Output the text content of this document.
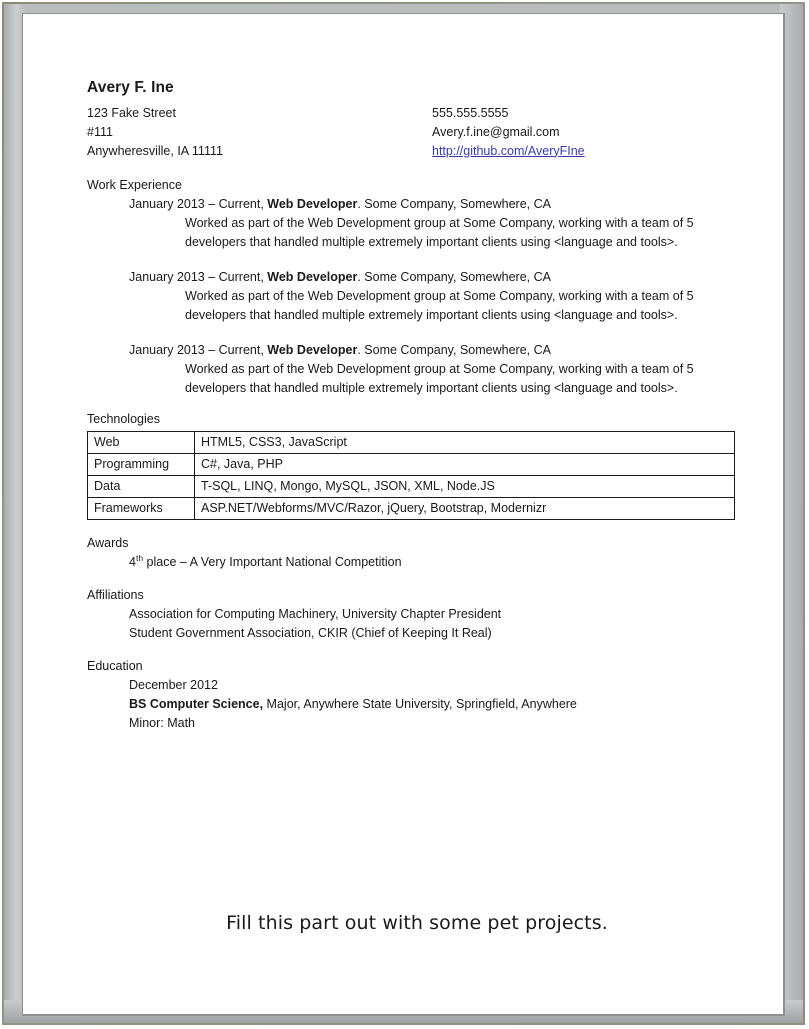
Avery F. Ine
123 Fake Street
#111
Anywheresville, IA 11111
555.555.5555
Avery.f.ine@gmail.com
http://github.com/AveryFIne
Work Experience
January 2013 – Current, Web Developer. Some Company, Somewhere, CA
Worked as part of the Web Development group at Some Company, working with a team of 5 developers that handled multiple extremely important clients using <language and tools>.
January 2013 – Current, Web Developer. Some Company, Somewhere, CA
Worked as part of the Web Development group at Some Company, working with a team of 5 developers that handled multiple extremely important clients using <language and tools>.
January 2013 – Current, Web Developer. Some Company, Somewhere, CA
Worked as part of the Web Development group at Some Company, working with a team of 5 developers that handled multiple extremely important clients using <language and tools>.
Technologies
Web	HTML5, CSS3, JavaScript
Programming	C#, Java, PHP
Data	T-SQL, LINQ, Mongo, MySQL, JSON, XML, Node.JS
Frameworks	ASP.NET/Webforms/MVC/Razor, jQuery, Bootstrap, Modernizr
Awards
4th place – A Very Important National Competition
Affiliations
Association for Computing Machinery, University Chapter President
Student Government Association, CKIR (Chief of Keeping It Real)
Education
December 2012
BS Computer Science, Major, Anywhere State University, Springfield, Anywhere
Minor: Math
Fill this part out with some pet projects.
